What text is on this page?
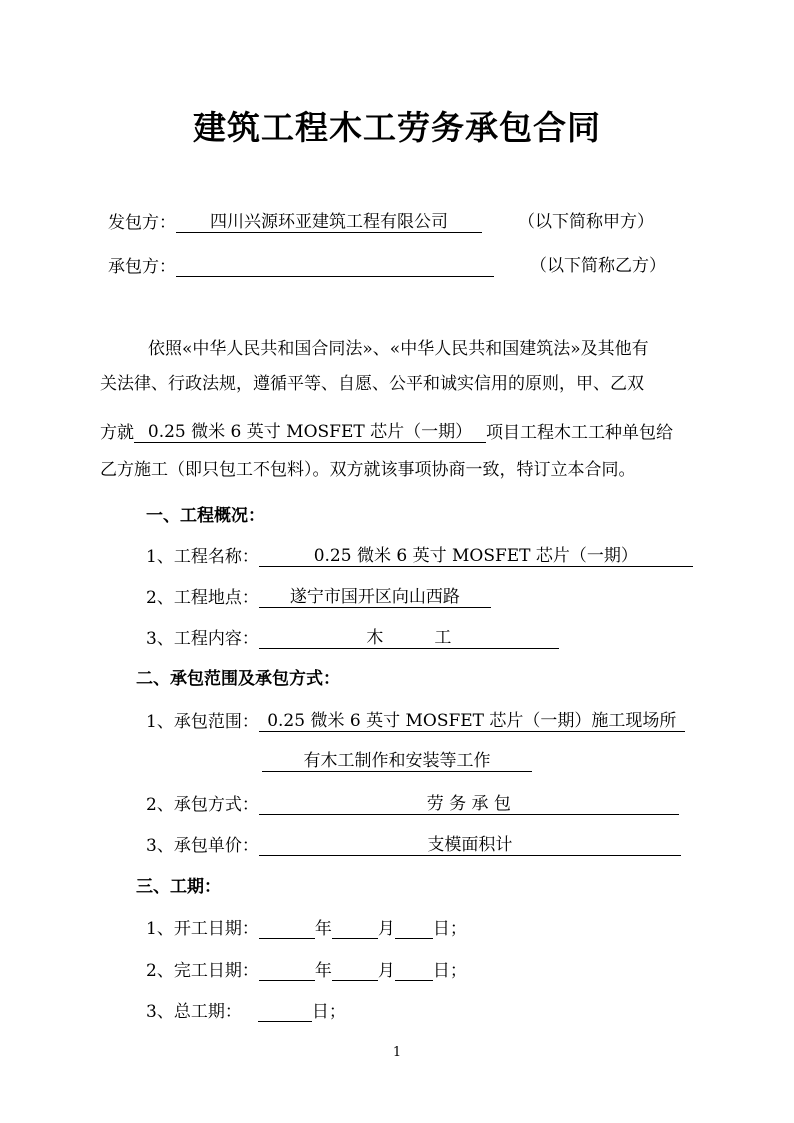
建筑工程木工劳务承包合同
发包方： 四川兴源环亚建筑工程有限公司	（以下简称甲方）
承包方：	（以下简称乙方）
依照«中华人民共和国合同法»、«中华人民共和国建筑法»及其他有
关法律、行政法规，遵循平等、自愿、公平和诚实信用的原则，甲、乙双
方就 0.25 微米 6 英寸 MOSFET 芯片（一期） 项目工程木工工种单包给
乙方施工（即只包工不包料）。双方就该事项协商一致，特订立本合同。
一、工程概况：
1、工程名称：	0.25 微米 6 英寸 MOSFET 芯片（一期）
2、工程地点： 遂宁市国开区向山西路
3、工程内容：	木　　　工
二、承包范围及承包方式：
1、承包范围： 0.25 微米 6 英寸 MOSFET 芯片（一期）施工现场所
有木工制作和安装等工作
2、承包方式：	劳 务 承 包
3、承包单价：	支模面积计
三、工期：
1、开工日期：	年	月 日；
2、完工日期：	年	月 日；
3、总工期：	日；
1
